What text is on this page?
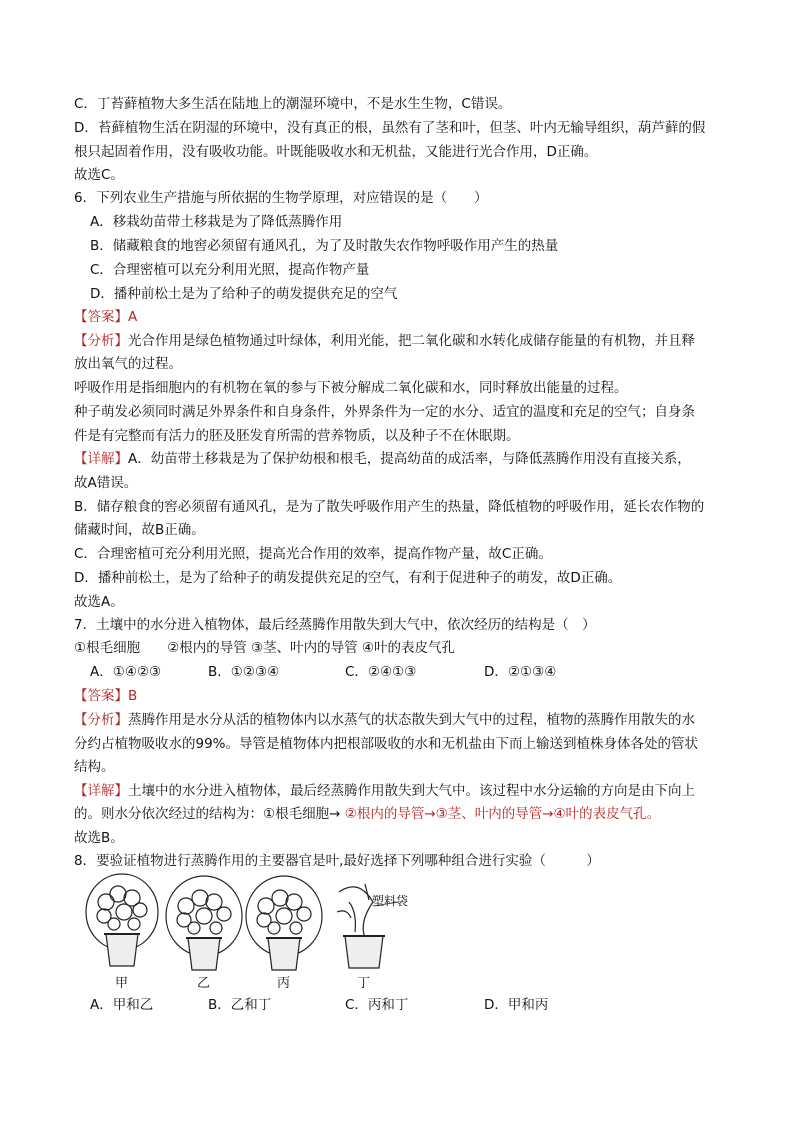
C．丁苔藓植物大多生活在陆地上的潮湿环境中，不是水生生物，C错误。
D．苔藓植物生活在阴湿的环境中，没有真正的根，虽然有了茎和叶，但茎、叶内无输导组织，葫芦藓的假
根只起固着作用，没有吸收功能。叶既能吸收水和无机盐，又能进行光合作用，D正确。
故选C。
6．下列农业生产措施与所依据的生物学原理，对应错误的是（　　）
A．移栽幼苗带土移栽是为了降低蒸腾作用
B．储藏粮食的地窖必须留有通风孔，为了及时散失农作物呼吸作用产生的热量
C．合理密植可以充分利用光照，提高作物产量
D．播种前松土是为了给种子的萌发提供充足的空气
【答案】A
【分析】光合作用是绿色植物通过叶绿体，利用光能，把二氧化碳和水转化成储存能量的有机物，并且释
放出氧气的过程。
呼吸作用是指细胞内的有机物在氧的参与下被分解成二氧化碳和水，同时释放出能量的过程。
种子萌发必须同时满足外界条件和自身条件，外界条件为一定的水分、适宜的温度和充足的空气；自身条
件是有完整而有活力的胚及胚发育所需的营养物质，以及种子不在休眠期。
【详解】A．幼苗带土移栽是为了保护幼根和根毛，提高幼苗的成活率，与降低蒸腾作用没有直接关系，
故A错误。
B．储存粮食的窖必须留有通风孔，是为了散失呼吸作用产生的热量，降低植物的呼吸作用，延长农作物的
储藏时间，故B正确。
C．合理密植可充分利用光照，提高光合作用的效率，提高作物产量，故C正确。
D．播种前松土，是为了给种子的萌发提供充足的空气，有利于促进种子的萌发，故D正确。
故选A。
7．土壤中的水分进入植物体，最后经蒸腾作用散失到大气中，依次经历的结构是（　）
①根毛细胞　　②根内的导管 ③茎、叶内的导管 ④叶的表皮气孔
A．①④②③	B．①②③④	C．②④①③	D．②①③④
【答案】B
【分析】蒸腾作用是水分从活的植物体内以水蒸气的状态散失到大气中的过程，植物的蒸腾作用散失的水
分约占植物吸收水的99%。导管是植物体内把根部吸收的水和无机盐由下而上输送到植株身体各处的管状
结构。
【详解】土壤中的水分进入植物体，最后经蒸腾作用散失到大气中。该过程中水分运输的方向是由下向上
的。则水分依次经过的结构为：①根毛细胞→ ②根内的导管→③茎、叶内的导管→④叶的表皮气孔。
故选B。
8．要验证植物进行蒸腾作用的主要器官是叶,最好选择下列哪种组合进行实验（　　　）
甲	乙	丙	丁
塑料袋
A．甲和乙	B．乙和丁	C．丙和丁	D．甲和丙
